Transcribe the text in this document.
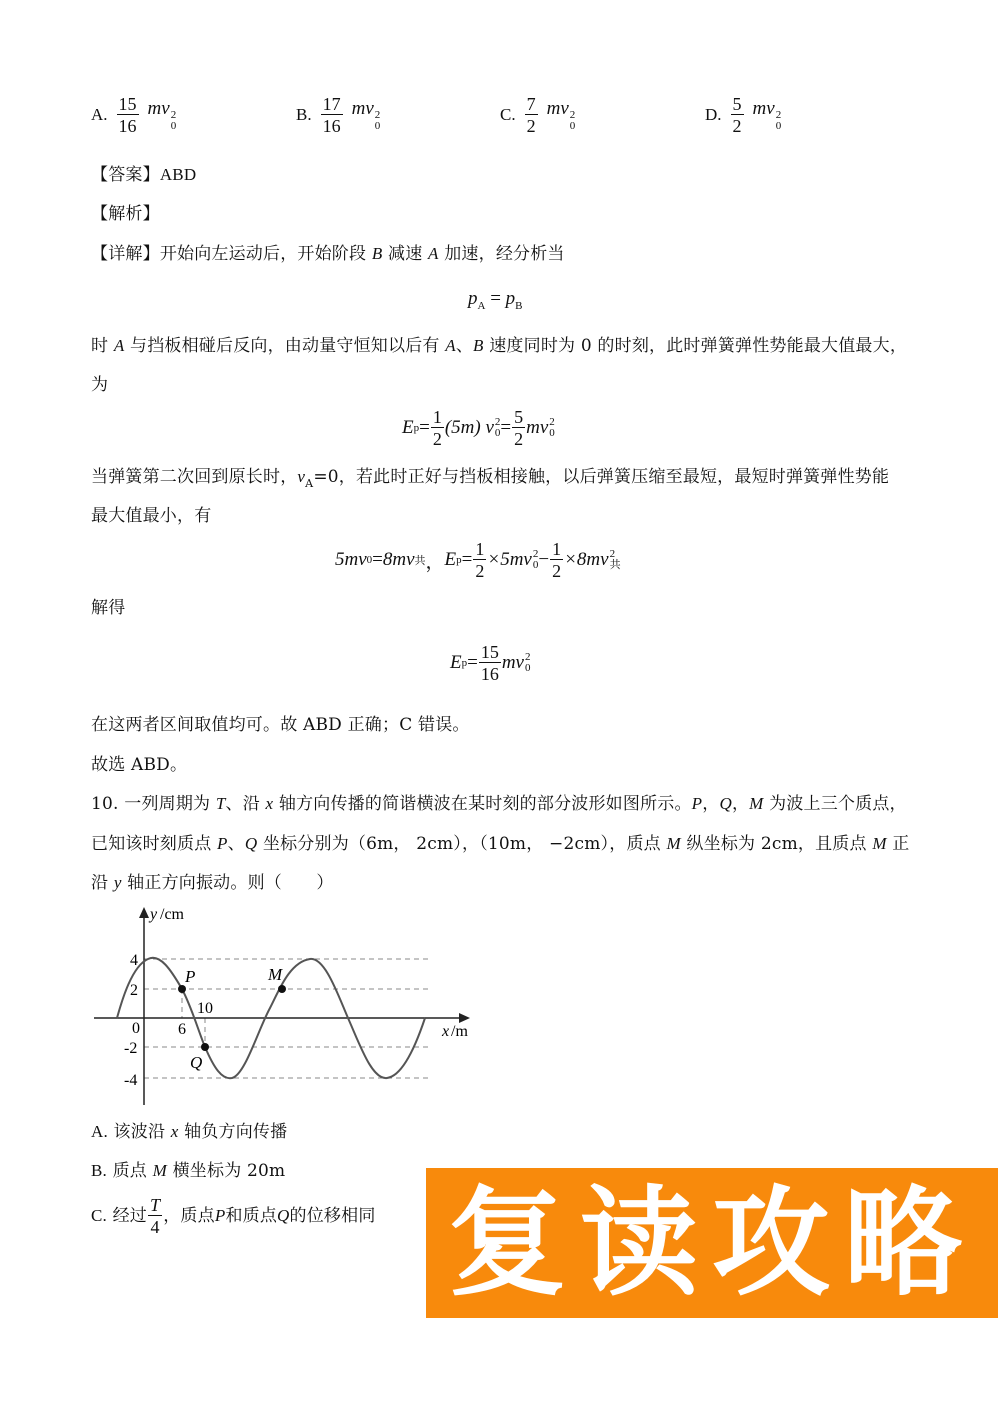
A. $\frac{15}{16}$ mv 2
0
B. $\frac{17}{16}$ mv 2
0
C. $\frac{7}{2}$ mv 2
0
D. $\frac{5}{2}$ mv 2
0
【答案】ABD
【解析】
【详解】开始向左运动后，开始阶段 B 减速 A 加速，经分析当
$p_A = p_B$
时 A 与挡板相碰后反向，由动量守恒知以后有 A、B 速度同时为 0 的时刻，此时弹簧弹性势能最大值最大，
为
E $p = \frac{1}{2} (5m)$
v 2
$0 = \frac{5}{2}$ mv 2
0
当弹簧第二次回到原长时，$v_A=0$，若此时正好与挡板相接触，以后弹簧压缩至最短，最短时弹簧弹性势能
最大值最小，有
5mv 0 = 8mv 共 ， E $p = \frac{1}{2} \times 5mv$ 2
$0 - \frac{1}{2} \times 8mv$ 2
共
解得
E $p = \frac{15}{16}$ mv 2
0
在这两者区间取值均可。故 ABD 正确；C 错误。
故选 ABD。
10. 一列周期为 T、沿 x 轴方向传播的简谐横波在某时刻的部分波形如图所示。P，Q，M 为波上三个质点，
已知该时刻质点 P、Q 坐标分别为（6m， 2cm），（10m， −2cm），质点 M 纵坐标为 2cm，且质点 M 正
沿 y 轴正方向振动。则（　　）
y /cm
x /m
4
2
0
-2
-4
6
10
P
Q
M
A. 该波沿 x 轴负方向传播
B. 质点 M 横坐标为 20m
C.
经过 $\frac{T}{4}$ ，质点 P 和质点 Q 的位移相同 复读攻略
